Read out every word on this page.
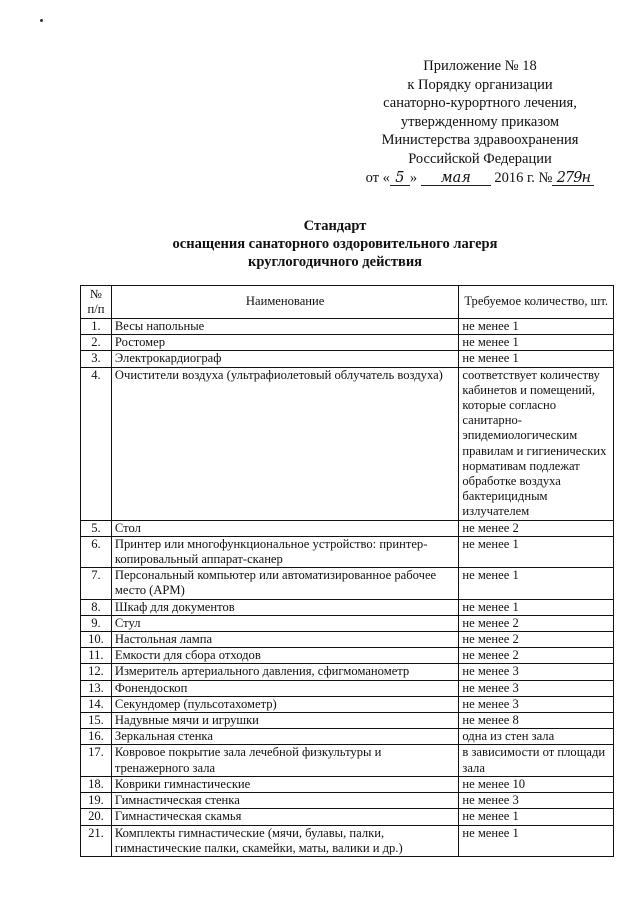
Приложение № 18
к Порядку организации
санаторно-курортного лечения,
утвержденному приказом
Министерства здравоохранения
Российской Федерации
от « 5 » мая 2016 г. № 279н
Стандарт
оснащения санаторного оздоровительного лагеря
круглогодичного действия
№ п/п	Наименование	Требуемое количество, шт.
1.	Весы напольные	не менее 1
2.	Ростомер	не менее 1
3.	Электрокардиограф	не менее 1
4.	Очистители воздуха (ультрафиолетовый облучатель воздуха)	соответствует количеству кабинетов и помещений, которые согласно санитарно-эпидемиологическим правилам и гигиенических нормативам подлежат обработке воздуха бактерицидным излучателем
5.	Стол	не менее 2
6.	Принтер или многофункциональное устройство: принтер-копировальный аппарат-сканер	не менее 1
7.	Персональный компьютер или автоматизированное рабочее место (АРМ)	не менее 1
8.	Шкаф для документов	не менее 1
9.	Стул	не менее 2
10.	Настольная лампа	не менее 2
11.	Емкости для сбора отходов	не менее 2
12.	Измеритель артериального давления, сфигмоманометр	не менее 3
13.	Фонендоскоп	не менее 3
14.	Секундомер (пульсотахометр)	не менее 3
15.	Надувные мячи и игрушки	не менее 8
16.	Зеркальная стенка	одна из стен зала
17.	Ковровое покрытие зала лечебной физкультуры и тренажерного зала	в зависимости от площади зала
18.	Коврики гимнастические	не менее 10
19.	Гимнастическая стенка	не менее 3
20.	Гимнастическая скамья	не менее 1
21.	Комплекты гимнастические (мячи, булавы, палки, гимнастические палки, скамейки, маты, валики и др.)	не менее 1
